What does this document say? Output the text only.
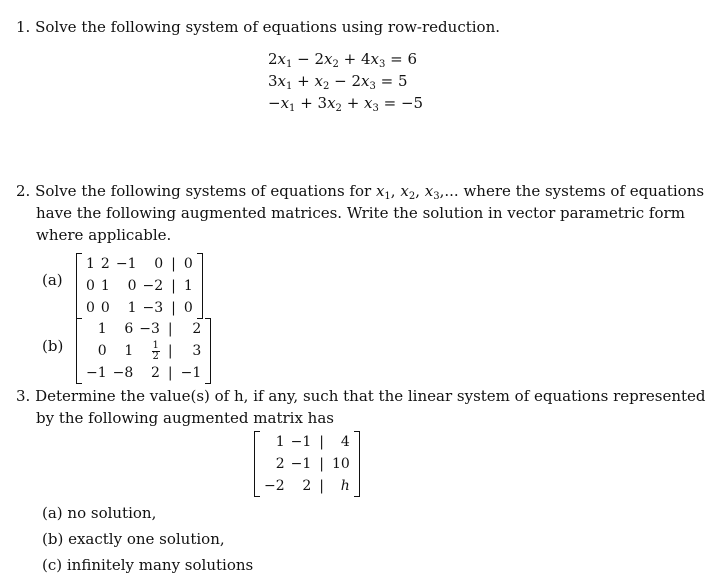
1. Solve the following system of equations using row-reduction.
$2x_1 - 2x_2 + 4x_3 = 6$
$3x_1 + x_2 - 2x_3 = 5$
$-x_1 + 3x_2 + x_3 = -5$
2. Solve the following systems of equations for $x_1$, $x_2$, $x_3$,... where the systems of equations
have the following augmented matrices. Write the solution in vector parametric form
where applicable.
(a)
1	2	−1	0	|	0
0	1	0	−2	|	1
0	0	1	−3	|	0
(b)
1	6	−3	|	2
0	1	$\frac{1}{2}$	|	3
−1	−8	2	|	−1
3. Determine the value(s) of h, if any, such that the linear system of equations represented
by the following augmented matrix has
1	−1	|	4
2	−1	|	10
−2	2	|	h
(a) no solution,
(b) exactly one solution,
(c) infinitely many solutions
